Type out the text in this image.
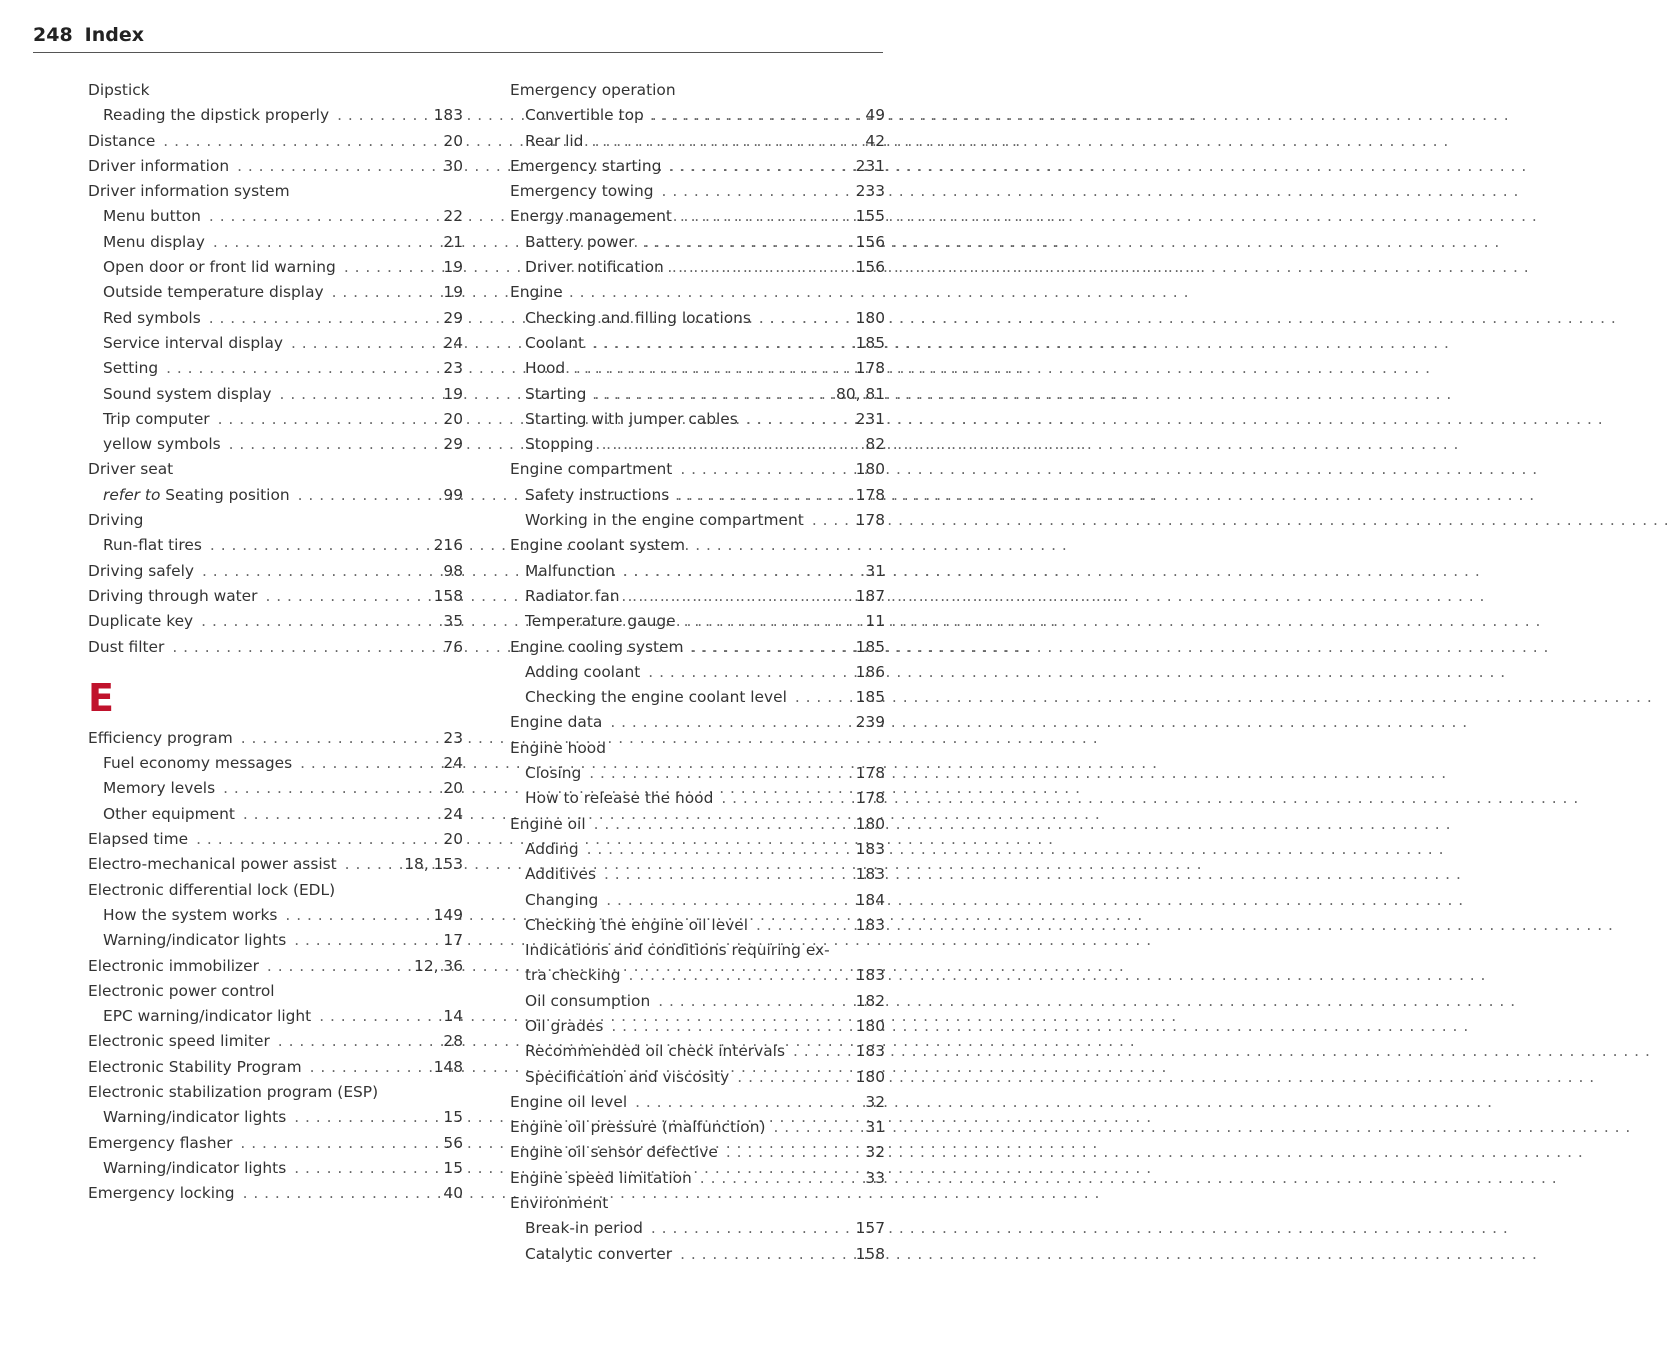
248 Index
Dipstick
Reading the dipstick properly . . .	183
Distance . . .	20
Driver information . . .	30
Driver information system
Menu button . . .	22
Menu display . . .	21
Open door or front lid warning . . .	19
Outside temperature display . . .	19
Red symbols . . .	29
Service interval display . . .	24
Setting . . .	23
Sound system display . . .	19
Trip computer . . .	20
yellow symbols . . .	29
Driver seat
refer to Seating position . . .	99
Driving
Run-flat tires . . .	216
Driving safely . . .	98
Driving through water . . .	158
Duplicate key . . .	35
Dust filter . . .	76
E
Efficiency program . . .	23
Fuel economy messages . . .	24
Memory levels . . .	20
Other equipment . . .	24
Elapsed time . . .	20
Electro-mechanical power assist . . .	18, 153
Electronic differential lock (EDL)
How the system works . . .	149
Warning/indicator lights . . .	17
Electronic immobilizer . . .	12, 36
Electronic power control
EPC warning/indicator light . . .	14
Electronic speed limiter . . .	28
Electronic Stability Program . . .	148
Electronic stabilization program (ESP)
Warning/indicator lights . . .	15
Emergency flasher . . .	56
Warning/indicator lights . . .	15
Emergency locking . . .	40
Emergency operation
Convertible top . . .	49
Rear lid . . .	42
Emergency starting . . .	231
Emergency towing . . .	233
Energy management . . .	155
Battery power . . .	156
Driver notification . . .	156
Engine
Checking and filling locations . . .	180
Coolant . . .	185
Hood . . .	178
Starting . . .	80, 81
Starting with jumper cables . . .	231
Stopping . . .	82
Engine compartment . . .	180
Safety instructions . . .	178
Working in the engine compartment . . .	178
Engine coolant system
Malfunction . . .	31
Radiator fan . . .	187
Temperature gauge . . .	11
Engine cooling system . . .	185
Adding coolant . . .	186
Checking the engine coolant level . . .	185
Engine data . . .	239
Engine hood
Closing . . .	178
How to release the hood . . .	178
Engine oil . . .	180
Adding . . .	183
Additives . . .	183
Changing . . .	184
Checking the engine oil level . . .	183
Indications and conditions requiring ex-
tra checking . . .	183
Oil consumption . . .	182
Oil grades . . .	180
Recommended oil check intervals . . .	183
Specification and viscosity . . .	180
Engine oil level . . .	32
Engine oil pressure (malfunction) . . .	31
Engine oil sensor defective . . .	32
Engine speed limitation . . .	33
Environment
Break-in period . . .	157
Catalytic converter . . .	158
